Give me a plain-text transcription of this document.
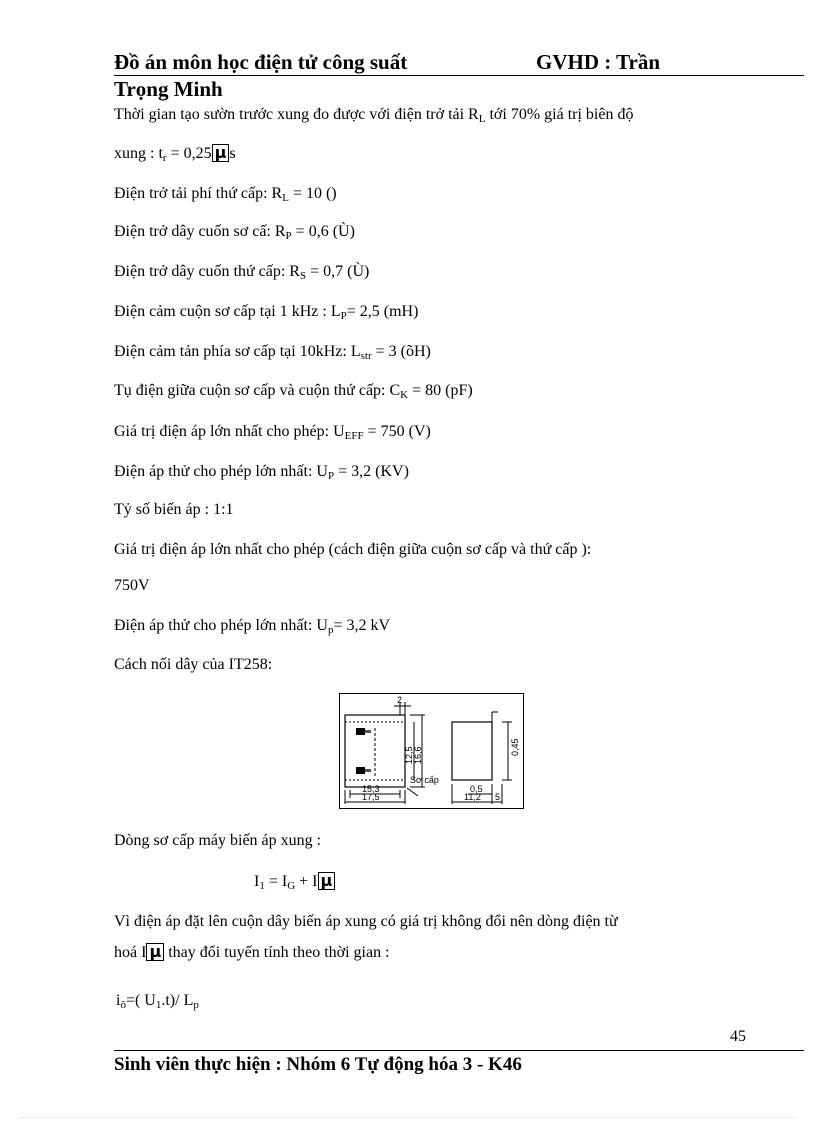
Đồ án môn học điện tử công suất	GVHD : Trần
Trọng Minh
Thời gian tạo sườn trước xung đo được với điện trở tải $R_L$ tới 70% giá trị biên độ
xung : $t_r = 0,25$ μ s
Điện trở tải phí thứ cấp: $R_L = 10$ ()
Điện trở dây cuốn sơ cấ: $R_P = 0,6$ (Ù)
Điện trở dây cuốn thứ cấp: $R_S = 0,7$ (Ù)
Điện cảm cuộn sơ cấp tại 1 kHz : $L_P= 2,5$ (mH)
Điện cảm tản phía sơ cấp tại 10kHz: $L_{str} = 3$ (õH)
Tụ điện giữa cuộn sơ cấp và cuộn thứ cấp: $C_K = 80$ (pF)
Giá trị điện áp lớn nhất cho phép: $U_{EFF} = 750$ (V)
Điện áp thử cho phép lớn nhất: $U_P = 3,2$ (KV)
Tỷ số biến áp : 1:1
Giá trị điện áp lớn nhất cho phép (cách điện giữa cuộn sơ cấp và thứ cấp ):
750V
Điện áp thử cho phép lớn nhất: $U_p= 3,2$ kV
Cách nối dây của IT258:
2
12,5 16,6
15,3
17,5
Sơ cấp
0,5
11,2 5
0,45
Dòng sơ cấp máy biến áp xung :
$I_1 = I_G + I$ μ
Vì điện áp đặt lên cuộn dây biến áp xung có giá trị không đổi nên dòng điện từ
hoá I μ thay đổi tuyến tính theo thời gian :
$i_õ=$( $U_1.t)/$ $L_p$
45
Sinh viên thực hiện : Nhóm 6 Tự động hóa 3 - K46
